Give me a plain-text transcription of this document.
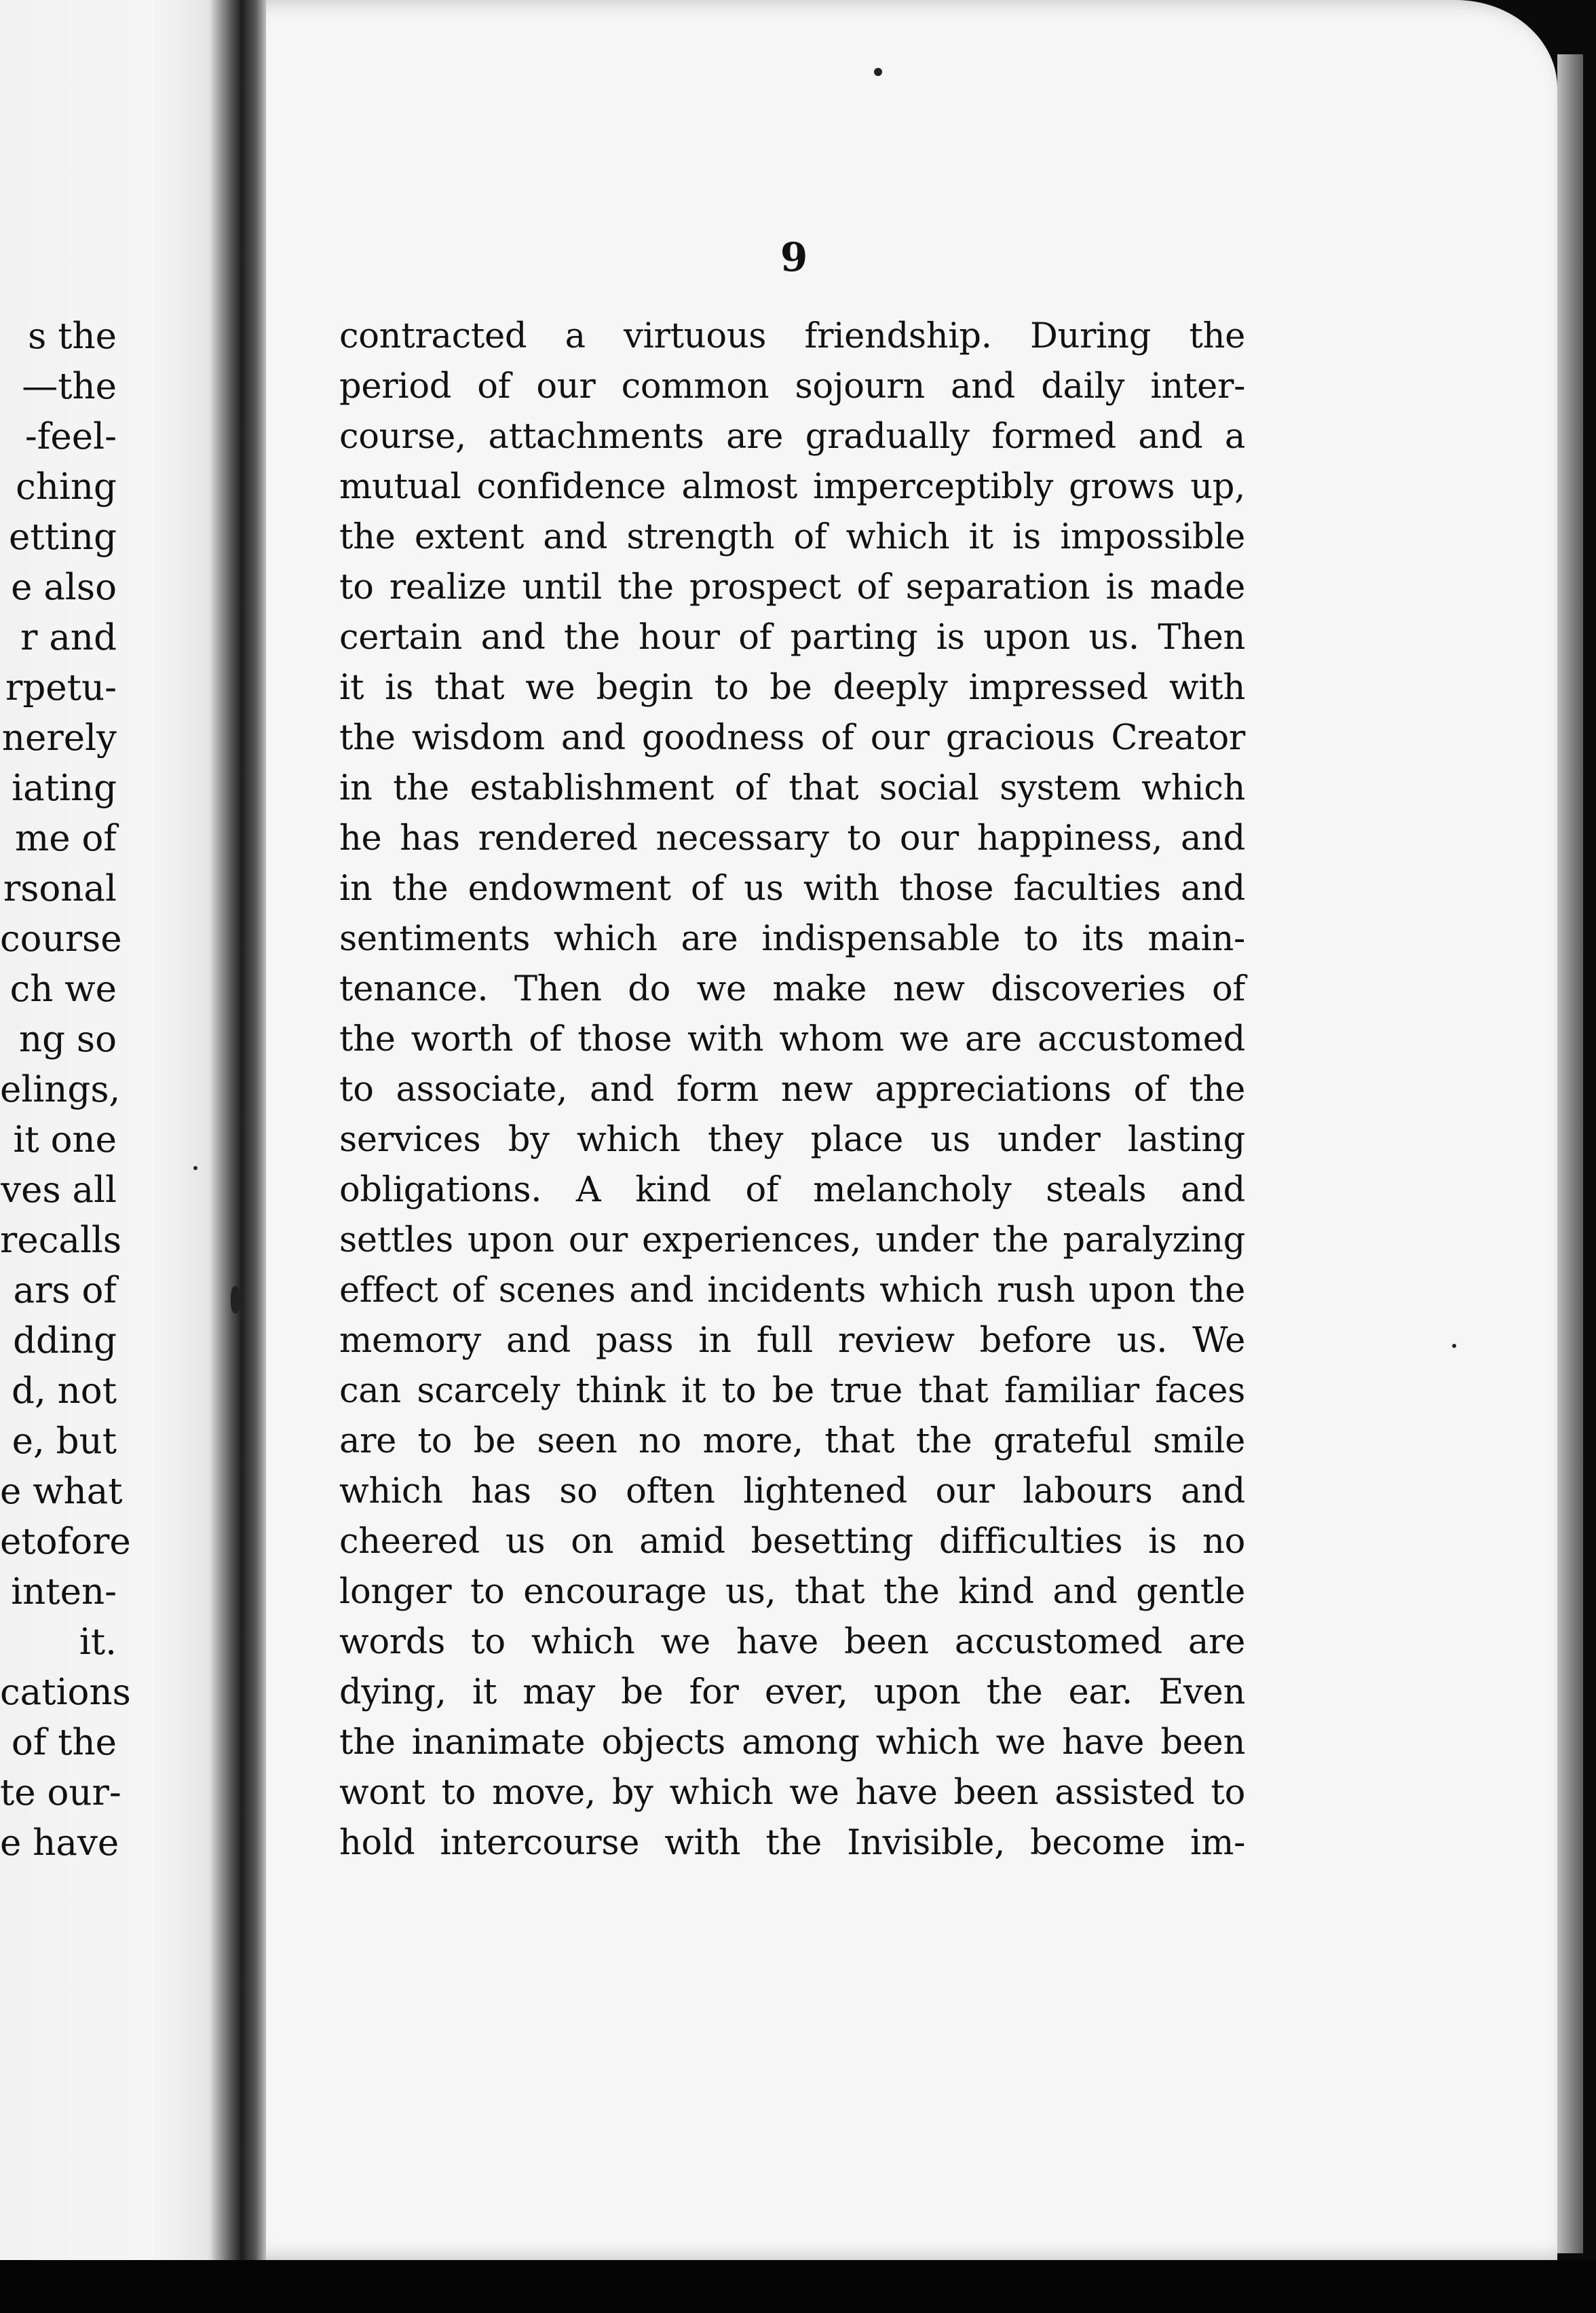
s the
—the
-feel-
ching
etting
e also
r and
rpetu-
nerely
iating
me of
rsonal
course
ch we
ng so
elings,
it one
ves all
recalls
ars of
dding
d, not
e, but
e what
etofore
inten-
it.
cations
of the
te our-
e have
9
contracted a virtuous friendship. During the
period of our common sojourn and daily inter-
course, attachments are gradually formed and a
mutual confidence almost imperceptibly grows up,
the extent and strength of which it is impossible
to realize until the prospect of separation is made
certain and the hour of parting is upon us. Then
it is that we begin to be deeply impressed with
the wisdom and goodness of our gracious Creator
in the establishment of that social system which
he has rendered necessary to our happiness, and
in the endowment of us with those faculties and
sentiments which are indispensable to its main-
tenance. Then do we make new discoveries of
the worth of those with whom we are accustomed
to associate, and form new appreciations of the
services by which they place us under lasting
obligations. A kind of melancholy steals and
settles upon our experiences, under the paralyzing
effect of scenes and incidents which rush upon the
memory and pass in full review before us. We
can scarcely think it to be true that familiar faces
are to be seen no more, that the grateful smile
which has so often lightened our labours and
cheered us on amid besetting difficulties is no
longer to encourage us, that the kind and gentle
words to which we have been accustomed are
dying, it may be for ever, upon the ear. Even
the inanimate objects among which we have been
wont to move, by which we have been assisted to
hold intercourse with the Invisible, become im-
